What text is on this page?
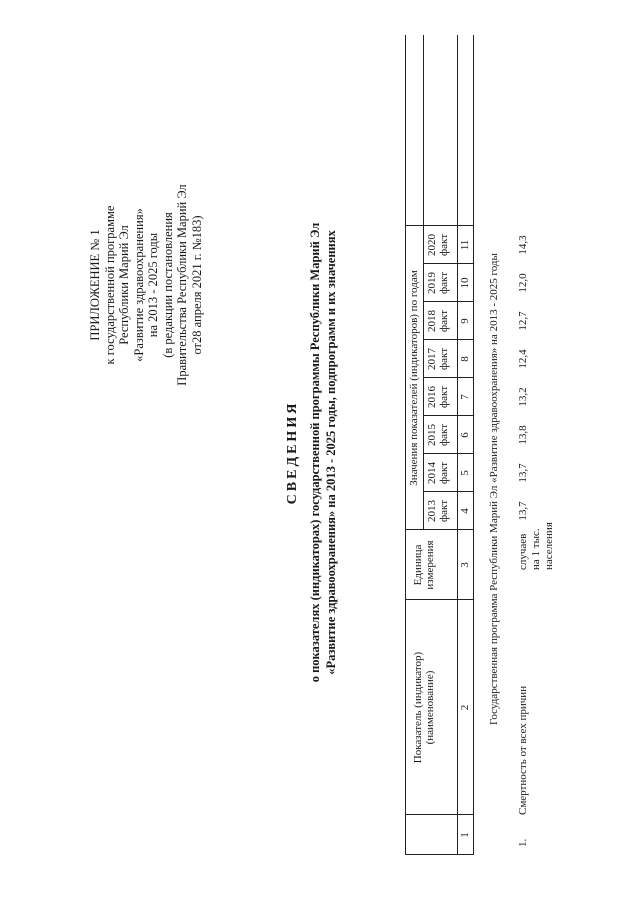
ПРИЛОЖЕНИЕ № 1 к государственной программе Республики Марий Эл «Развитие здравоохранения» на 2013 - 2025 годы (в редакции постановления Правительства Республики Марий Эл от28 апреля 2021 г. №183)
СВЕДЕНИЯ о показателях (индикаторах) государственной программы Республики Марий Эл «Развитие здравоохранения» на 2013 - 2025 годы, подпрограмм и их значениях
Показатель (индикатор) (наименование)
Единица измерения
Значения показателей (индикаторов) по годам
2013 факт
2014 факт
2015 факт
2016 факт
2017 факт
2018 факт
2019 факт
2020 факт
1
2
3
4
5
6
7
8
9
10
11
Государственная программа Республики Марий Эл «Развитие здравоохранения» на 2013 - 2025 годы
1.
Смертность от всех причин
случаев на 1 тыс. населения
13,7
13,7
13,8
13,2
12,4
12,7
12,0
14,3
